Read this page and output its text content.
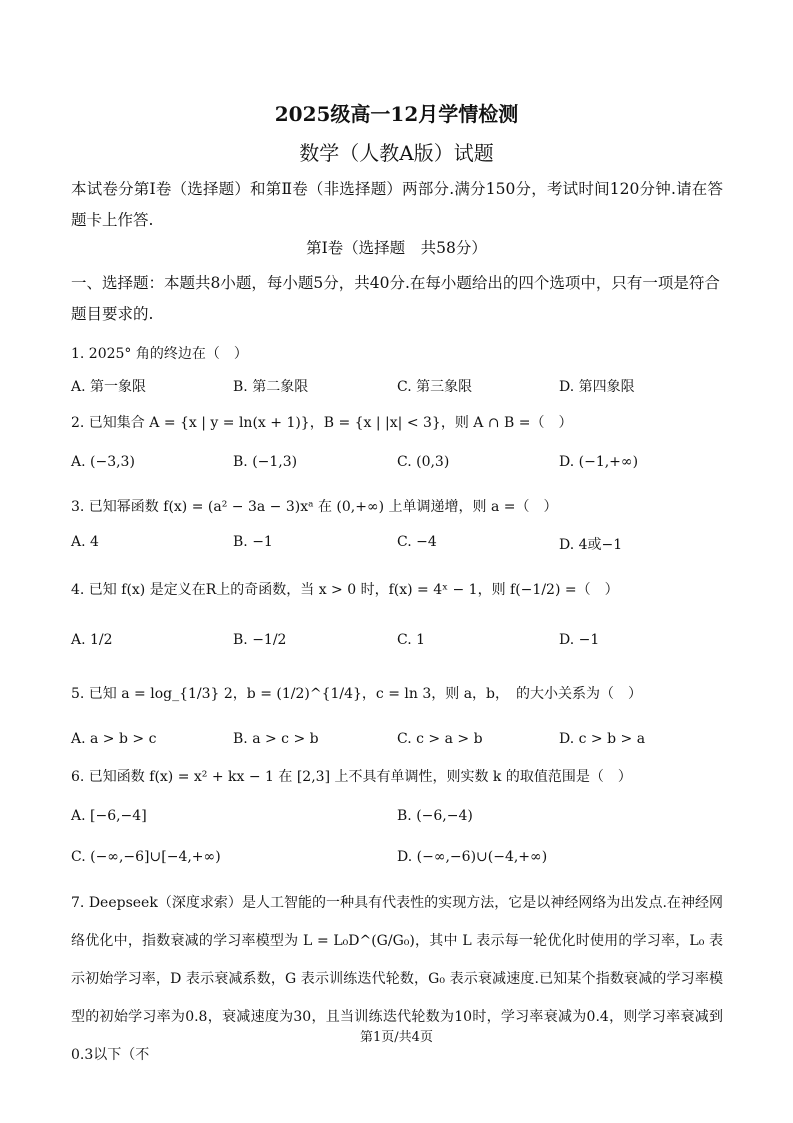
2025级高一12月学情检测
数学（人教A版）试题
本试卷分第I卷（选择题）和第Ⅱ卷（非选择题）两部分.满分150分，考试时间120分钟.请在答题卡上作答.
第I卷（选择题　共58分）
一、选择题：本题共8小题，每小题5分，共40分.在每小题给出的四个选项中，只有一项是符合题目要求的.
1. 2025° 角的终边在（　）
A. 第一象限	B. 第二象限	C. 第三象限	D. 第四象限
2. 已知集合 A = {x | y = ln(x + 1)}，B = {x | |x| < 3}，则 A ∩ B =（　）
A. (−3,3)	B. (−1,3)	C. (0,3)	D. (−1,+∞)
3. 已知幂函数 f(x) = (a² − 3a − 3)xᵃ 在 (0,+∞) 上单调递增，则 a =（　）
A. 4	B. −1	C. −4	D. 4或−1
4. 已知 f(x) 是定义在R上的奇函数，当 x > 0 时，f(x) = 4ˣ − 1，则 f(−1/2) =（　）
A. 1/2	B. −1/2	C. 1	D. −1
5. 已知 a = log_{1/3} 2，b = (1/2)^{1/4}，c = ln 3，则 a，b，　的大小关系为（　）
A. a > b > c	B. a > c > b	C. c > a > b	D. c > b > a
6. 已知函数 f(x) = x² + kx − 1 在 [2,3] 上不具有单调性，则实数 k 的取值范围是（　）
A. [−6,−4]	B. (−6,−4)
C. (−∞,−6]∪[−4,+∞)	D. (−∞,−6)∪(−4,+∞)
7. Deepseek（深度求索）是人工智能的一种具有代表性的实现方法，它是以神经网络为出发点.在神经网络优化中，指数衰减的学习率模型为 L = L₀D^(G/G₀)，其中 L 表示每一轮优化时使用的学习率，L₀ 表示初始学习率，D 表示衰减系数，G 表示训练迭代轮数，G₀ 表示衰减速度.已知某个指数衰减的学习率模型的初始学习率为0.8，衰减速度为30，且当训练迭代轮数为10时，学习率衰减为0.4，则学习率衰减到0.3以下（不
第1页/共4页
